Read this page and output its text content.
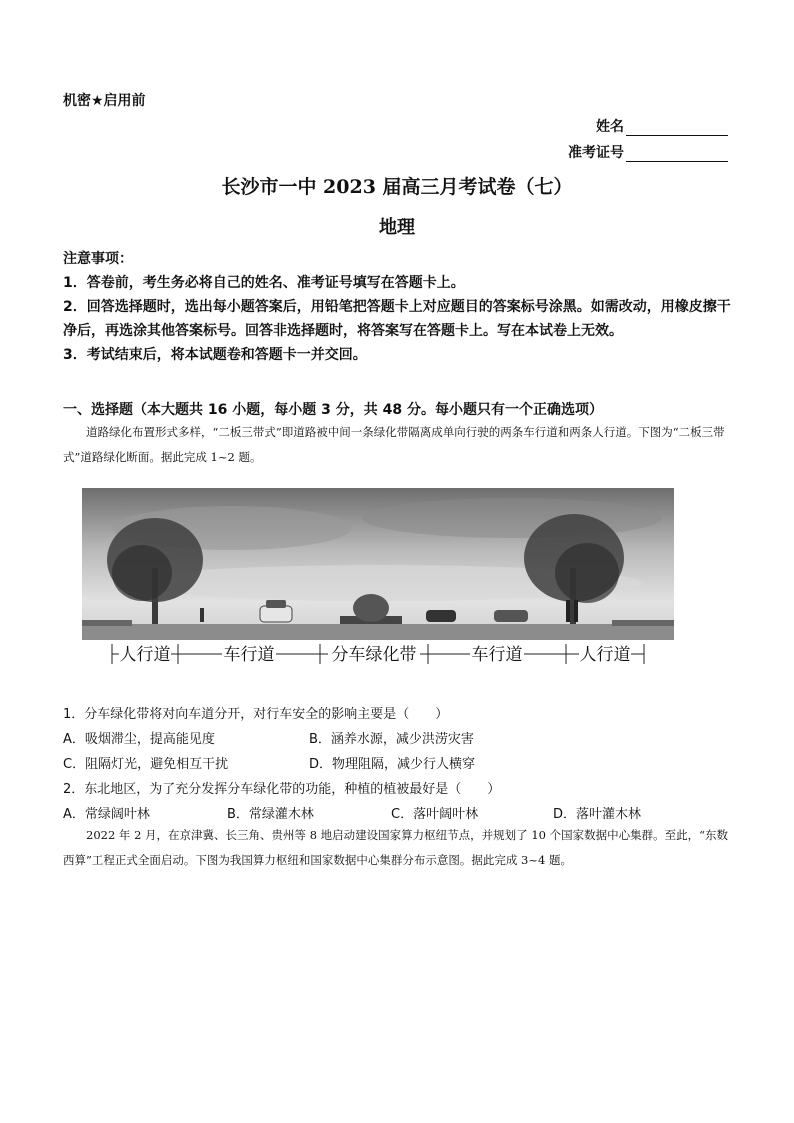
机密★启用前
姓名
准考证号
长沙市一中 2023 届高三月考试卷（七）
地理

注意事项：

1．答卷前，考生务必将自己的姓名、准考证号填写在答题卡上。

2．回答选择题时，选出每小题答案后，用铅笔把答题卡上对应题目的答案标号涂黑。如需改动，用橡皮擦干净后，再选涂其他答案标号。回答非选择题时，将答案写在答题卡上。写在本试卷上无效。

3．考试结束后，将本试题卷和答题卡一并交回。

一、选择题（本大题共 16 小题，每小题 3 分，共 48 分。每小题只有一个正确选项）

道路绿化布置形式多样，“二板三带式”即道路被中间一条绿化带隔离成单向行驶的两条车行道和两条人行道。下图为“二板三带式”道路绿化断面。据此完成 1~2 题。

人行道	车行道	分车绿化带	车行道	人行道
1．分车绿化带将对向车道分开，对行车安全的影响主要是（　　）
A．吸烟滞尘，提高能见度	B．涵养水源，减少洪涝灾害
C．阻隔灯光，避免相互干扰	D．物理阻隔，减少行人横穿
2．东北地区，为了充分发挥分车绿化带的功能，种植的植被最好是（　　）
A．常绿阔叶林	B．常绿灌木林	C．落叶阔叶林	D．落叶灌木林

2022 年 2 月，在京津冀、长三角、贵州等 8 地启动建设国家算力枢纽节点，并规划了 10 个国家数据中心集群。至此，“东数西算”工程正式全面启动。下图为我国算力枢纽和国家数据中心集群分布示意图。据此完成 3~4 题。
